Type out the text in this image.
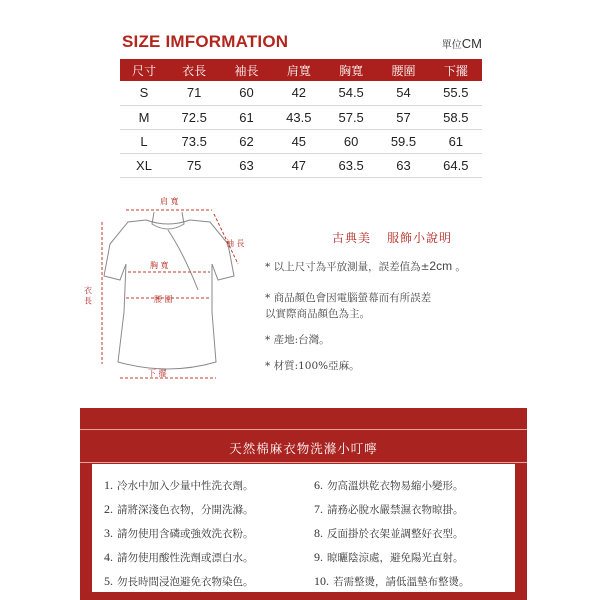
SIZE IMFORMATION	單位CM
尺寸	衣長	袖長	肩寬	胸寬	腰圍	下擺
S	71	60	42	54.5	54	55.5
M	72.5	61	43.5	57.5	57	58.5
L	73.5	62	45	60	59.5	61
XL	75	63	47	63.5	63	64.5
肩 寬
袖 長
胸 寬
腰 圍
下 擺
衣 長
古典美 服飾小說明
* 以上尺寸為平放測量，誤差值為±2cm 。
* 商品顏色會因電腦螢幕而有所誤差
以實際商品顏色為主。
* 產地:台灣。
* 材質:100%亞麻。
天然棉麻衣物洗滌小叮嚀
1. 冷水中加入少量中性洗衣劑。
2. 請將深淺色衣物，分開洗滌。
3. 請勿使用含磷或強效洗衣粉。
4. 請勿使用酸性洗劑或漂白水。
5. 勿長時間浸泡避免衣物染色。
6. 勿高溫烘乾衣物易縮小變形。
7. 請務必脫水嚴禁濕衣物晾掛。
8. 反面掛於衣架並調整好衣型。
9. 晾曬陰涼處，避免陽光直射。
10. 若需整燙，請低溫墊布整燙。
